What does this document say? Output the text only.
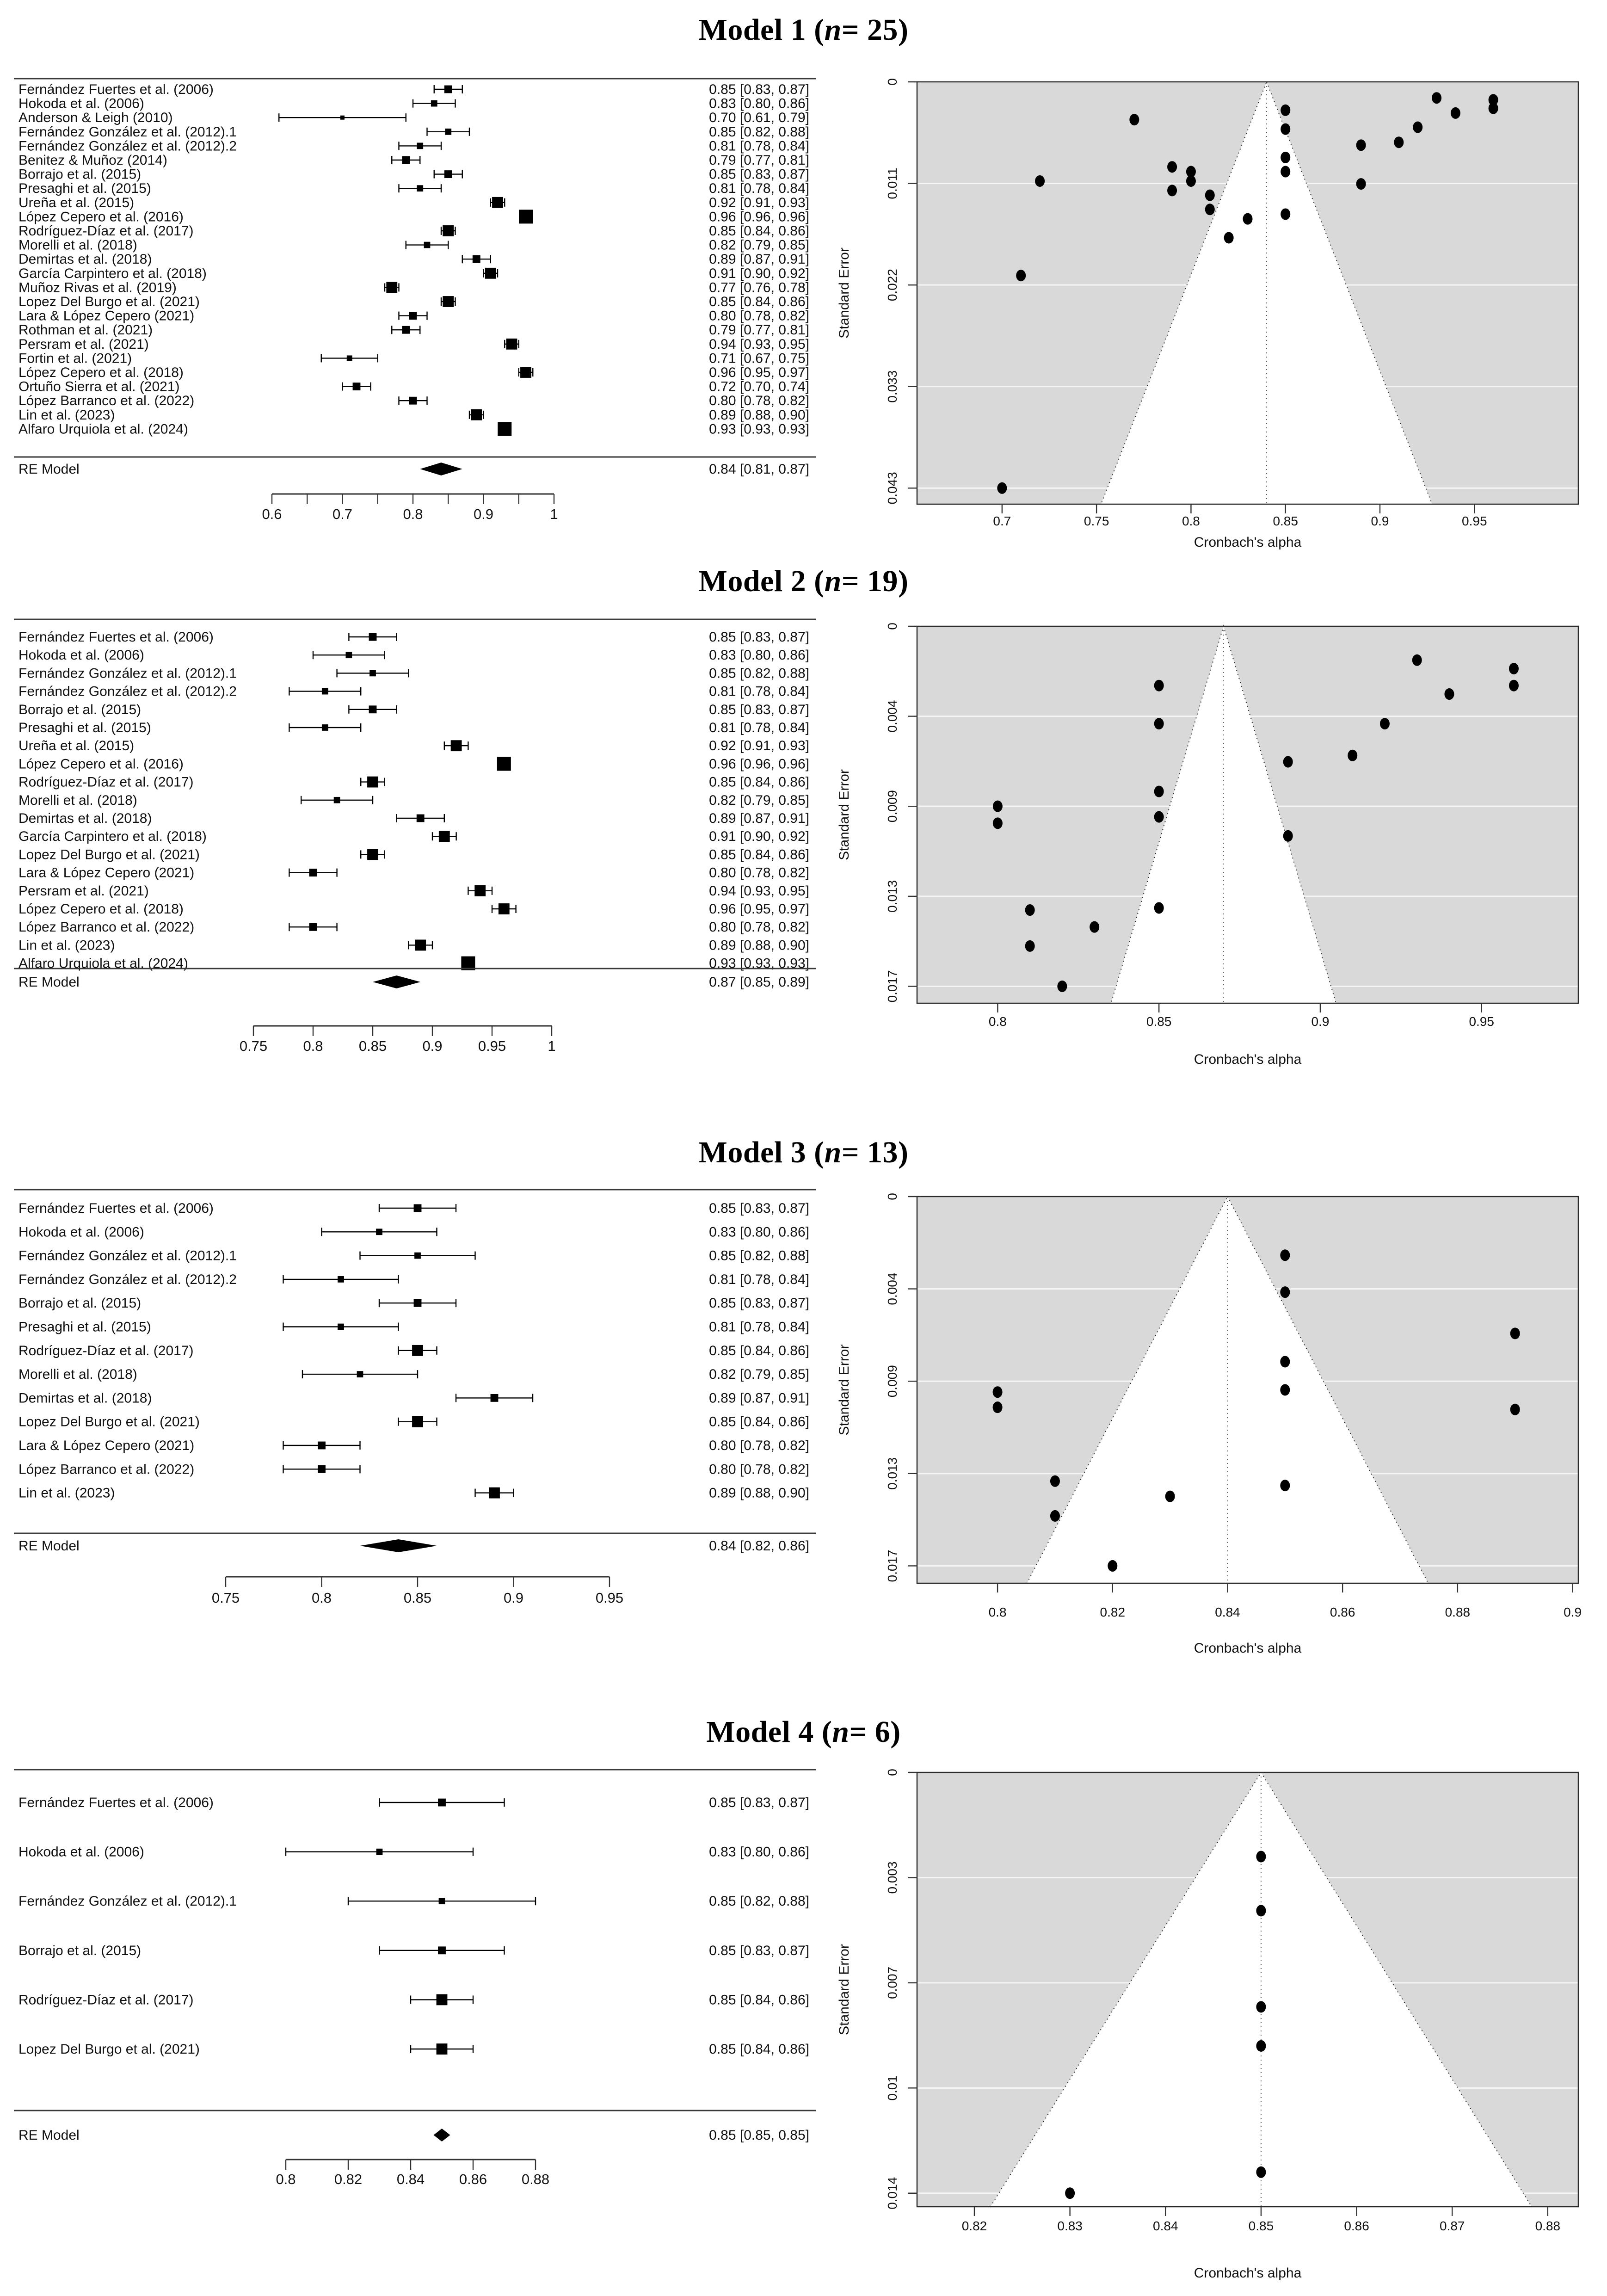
Model 1 ( n = 25)
Fernández Fuertes et al. (2006)	0.85 [0.83, 0.87]
Hokoda et al. (2006)	0.83 [0.80, 0.86]
Anderson & Leigh (2010)	0.70 [0.61, 0.79]
Fernández González et al. (2012).1	0.85 [0.82, 0.88]
Fernández González et al. (2012).2	0.81 [0.78, 0.84]
Benitez & Muñoz (2014)	0.79 [0.77, 0.81]
Borrajo et al. (2015)	0.85 [0.83, 0.87]
Presaghi et al. (2015)	0.81 [0.78, 0.84]
Ureña et al. (2015)	0.92 [0.91, 0.93]
López Cepero et al. (2016)	0.96 [0.96, 0.96]
Rodríguez-Díaz et al. (2017)	0.85 [0.84, 0.86]
Morelli et al. (2018)	0.82 [0.79, 0.85]
Demirtas et al. (2018)	0.89 [0.87, 0.91]
García Carpintero et al. (2018)	0.91 [0.90, 0.92]
Muñoz Rivas et al. (2019)	0.77 [0.76, 0.78]
Lopez Del Burgo et al. (2021)	0.85 [0.84, 0.86]
Lara & López Cepero (2021)	0.80 [0.78, 0.82]
Rothman et al. (2021)	0.79 [0.77, 0.81]
Persram et al. (2021)	0.94 [0.93, 0.95]
Fortin et al. (2021)	0.71 [0.67, 0.75]
López Cepero et al. (2018)	0.96 [0.95, 0.97]
Ortuño Sierra et al. (2021)	0.72 [0.70, 0.74]
López Barranco et al. (2022)	0.80 [0.78, 0.82]
Lin et al. (2023)	0.89 [0.88, 0.90]
Alfaro Urquiola et al. (2024)	0.93 [0.93, 0.93]
RE Model	0.84 [0.81, 0.87]
0.6	0.7	0.8	0.9	1
0
0.011
0.022
0.033
0.043
Standard Error
0.7	0.75	0.8	0.85	0.9	0.95
Cronbach's alpha
Model 2 ( n = 19)
Fernández Fuertes et al. (2006)	0.85 [0.83, 0.87]
Hokoda et al. (2006)	0.83 [0.80, 0.86]
Fernández González et al. (2012).1	0.85 [0.82, 0.88]
Fernández González et al. (2012).2	0.81 [0.78, 0.84]
Borrajo et al. (2015)	0.85 [0.83, 0.87]
Presaghi et al. (2015)	0.81 [0.78, 0.84]
Ureña et al. (2015)	0.92 [0.91, 0.93]
López Cepero et al. (2016)	0.96 [0.96, 0.96]
Rodríguez-Díaz et al. (2017)	0.85 [0.84, 0.86]
Morelli et al. (2018)	0.82 [0.79, 0.85]
Demirtas et al. (2018)	0.89 [0.87, 0.91]
García Carpintero et al. (2018)	0.91 [0.90, 0.92]
Lopez Del Burgo et al. (2021)	0.85 [0.84, 0.86]
Lara & López Cepero (2021)	0.80 [0.78, 0.82]
Persram et al. (2021)	0.94 [0.93, 0.95]
López Cepero et al. (2018)	0.96 [0.95, 0.97]
López Barranco et al. (2022)	0.80 [0.78, 0.82]
Lin et al. (2023)	0.89 [0.88, 0.90]
Alfaro Urquiola et al. (2024)	0.93 [0.93, 0.93]
RE Model	0.87 [0.85, 0.89]
0.75 0.8 0.85 0.9 0.95	1
0
0.004
0.009
0.013
0.017
Standard Error
0.8	0.85	0.9	0.95
Cronbach's alpha
Model 3 ( n = 13)
Fernández Fuertes et al. (2006)	0.85 [0.83, 0.87]
Hokoda et al. (2006)	0.83 [0.80, 0.86]
Fernández González et al. (2012).1	0.85 [0.82, 0.88]
Fernández González et al. (2012).2	0.81 [0.78, 0.84]
Borrajo et al. (2015)	0.85 [0.83, 0.87]
Presaghi et al. (2015)	0.81 [0.78, 0.84]
Rodríguez-Díaz et al. (2017)	0.85 [0.84, 0.86]
Morelli et al. (2018)	0.82 [0.79, 0.85]
Demirtas et al. (2018)	0.89 [0.87, 0.91]
Lopez Del Burgo et al. (2021)	0.85 [0.84, 0.86]
Lara & López Cepero (2021)	0.80 [0.78, 0.82]
López Barranco et al. (2022)	0.80 [0.78, 0.82]
Lin et al. (2023)	0.89 [0.88, 0.90]
RE Model	0.84 [0.82, 0.86]
0.75	0.8	0.85	0.9	0.95
0
0.004
0.009
0.013
0.017
Standard Error
0.8	0.82	0.84	0.86	0.88	0.9
Cronbach's alpha
Model 4 ( n = 6)
Fernández Fuertes et al. (2006)	0.85 [0.83, 0.87]
Hokoda et al. (2006)	0.83 [0.80, 0.86]
Fernández González et al. (2012).1	0.85 [0.82, 0.88]
Borrajo et al. (2015)	0.85 [0.83, 0.87]
Rodríguez-Díaz et al. (2017)	0.85 [0.84, 0.86]
Lopez Del Burgo et al. (2021)	0.85 [0.84, 0.86]
RE Model	0.85 [0.85, 0.85]
0.8	0.82 0.84 0.86 0.88
0
0.003
0.007
0.01
0.014
Standard Error
0.82	0.83	0.84	0.85	0.86	0.87	0.88
Cronbach's alpha
